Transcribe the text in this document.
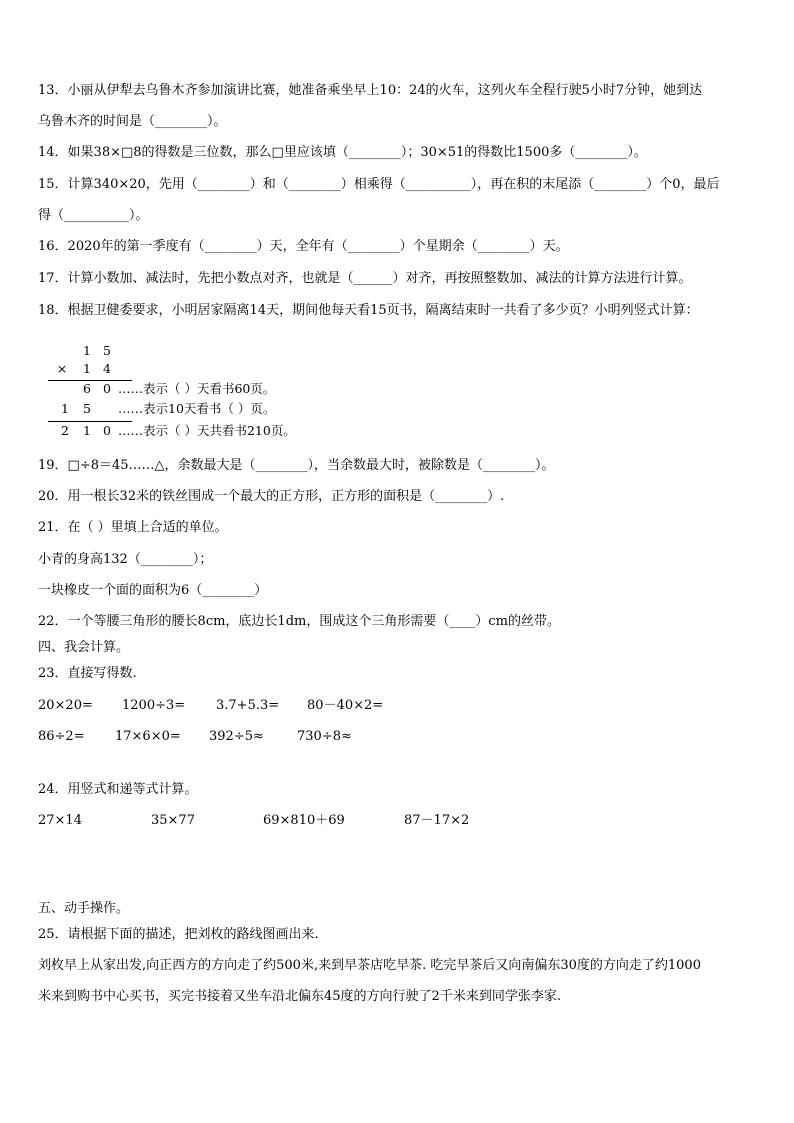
13．小丽从伊犁去乌鲁木齐参加演讲比赛，她准备乘坐早上10：24的火车，这列火车全程行驶5小时7分钟，她到达
乌鲁木齐的时间是（________）。
14．如果38×□8的得数是三位数，那么□里应该填（________）；30×51的得数比1500多（________）。
15．计算340×20，先用（________）和（________）相乘得（__________），再在积的末尾添（________）个0，最后
得（__________）。
16．2020年的第一季度有（________）天，全年有（________）个星期余（________）天。
17．计算小数加、减法时，先把小数点对齐，也就是（______）对齐，再按照整数加、减法的计算方法进行计算。
18．根据卫健委要求，小明居家隔离14天，期间他每天看15页书，隔离结束时一共看了多少页？小明列竖式计算：
1 5
× 1 4
6 0 ……表示（ ）天看书60页。
1 5 ……表示10天看书（ ）页。
2 1 0 ……表示（ ）天共看书210页。
19．□÷8＝45……△，余数最大是（________），当余数最大时，被除数是（________）。
20．用一根长32米的铁丝围成一个最大的正方形，正方形的面积是（________）.
21．在（ ）里填上合适的单位。
小青的身高132（________）；
一块橡皮一个面的面积为6（________）
22．一个等腰三角形的腰长8cm，底边长1dm，围成这个三角形需要（____）cm的丝带。
四、我会计算。
23．直接写得数.
20×20= 1200÷3= 3.7+5.3= 80－40×2=
86÷2= 17×6×0= 392÷5≈	730÷8≈
24．用竖式和递等式计算。
27×14	35×77	69×810＋69	87－17×2
五、动手操作。
25．请根据下面的描述，把刘枚的路线图画出来.
刘枚早上从家出发,向正西方的方向走了约500米,来到早茶店吃早茶. 吃完早茶后又向南偏东30度的方向走了约1000
米来到购书中心买书，买完书接着又坐车沿北偏东45度的方向行驶了2千米来到同学张李家.
